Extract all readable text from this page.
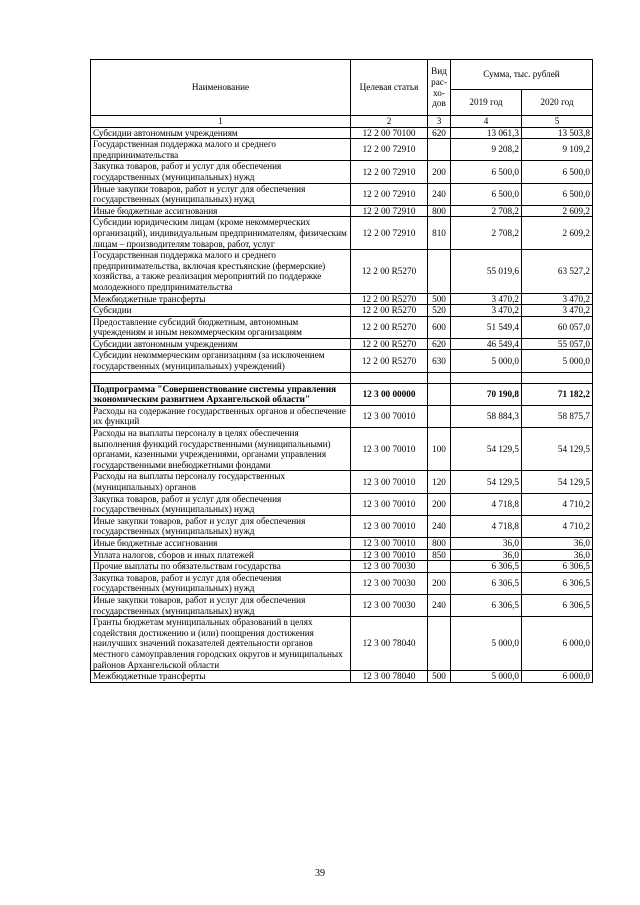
Наименование	Целевая статья	Вид рас-хо-дов	Сумма, тыс. рублей	
			2019 год	2020 год
1	2	3	4	5
Субсидии автономным учреждениям	12 2 00 70100	620	13 061,3	13 503,8
Государственная поддержка малого и среднего предпринимательства	12 2 00 72910		9 208,2	9 109,2
Закупка товаров, работ и услуг для обеспечения государственных (муниципальных) нужд	12 2 00 72910	200	6 500,0	6 500,0
Иные закупки товаров, работ и услуг для обеспечения государственных (муниципальных) нужд	12 2 00 72910	240	6 500,0	6 500,0
Иные бюджетные ассигнования	12 2 00 72910	800	2 708,2	2 609,2
Субсидии юридическим лицам (кроме некоммерческих организаций), индивидуальным предпринимателям, физическим лицам – производителям товаров, работ, услуг	12 2 00 72910	810	2 708,2	2 609,2
Государственная поддержка малого и среднего предпринимательства, включая крестьянские (фермерские) хозяйства, а также реализация мероприятий по поддержке молодежного предпринимательства	12 2 00 R5270		55 019,6	63 527,2
Межбюджетные трансферты	12 2 00 R5270	500	3 470,2	3 470,2
Субсидии	12 2 00 R5270	520	3 470,2	3 470,2
Предоставление субсидий бюджетным, автономным учреждениям и иным некоммерческим организациям	12 2 00 R5270	600	51 549,4	60 057,0
Субсидии автономным учреждениям	12 2 00 R5270	620	46 549,4	55 057,0
Субсидии некоммерческим организациям (за исключением государственных (муниципальных) учреждений)	12 2 00 R5270	630	5 000,0	5 000,0

Подпрограмма "Совершенствование системы управления экономическим развитием Архангельской области"	12 3 00 00000		70 190,8	71 182,2
Расходы на содержание государственных органов и обеспечение их функций	12 3 00 70010		58 884,3	58 875,7
Расходы на выплаты персоналу в целях обеспечения выполнения функций государственными (муниципальными) органами, казенными учреждениями, органами управления государственными внебюджетными фондами	12 3 00 70010	100	54 129,5	54 129,5
Расходы на выплаты персоналу государственных (муниципальных) органов	12 3 00 70010	120	54 129,5	54 129,5
Закупка товаров, работ и услуг для обеспечения государственных (муниципальных) нужд	12 3 00 70010	200	4 718,8	4 710,2
Иные закупки товаров, работ и услуг для обеспечения государственных (муниципальных) нужд	12 3 00 70010	240	4 718,8	4 710,2
Иные бюджетные ассигнования	12 3 00 70010	800	36,0	36,0
Уплата налогов, сборов и иных платежей	12 3 00 70010	850	36,0	36,0
Прочие выплаты по обязательствам государства	12 3 00 70030		6 306,5	6 306,5
Закупка товаров, работ и услуг для обеспечения государственных (муниципальных) нужд	12 3 00 70030	200	6 306,5	6 306,5
Иные закупки товаров, работ и услуг для обеспечения государственных (муниципальных) нужд	12 3 00 70030	240	6 306,5	6 306,5
Гранты бюджетам муниципальных образований в целях содействия достижению и (или) поощрения достижения наилучших значений показателей деятельности органов местного самоуправления городских округов и муниципальных районов Архангельской области	12 3 00 78040		5 000,0	6 000,0
Межбюджетные трансферты	12 3 00 78040	500	5 000,0	6 000,0
39
